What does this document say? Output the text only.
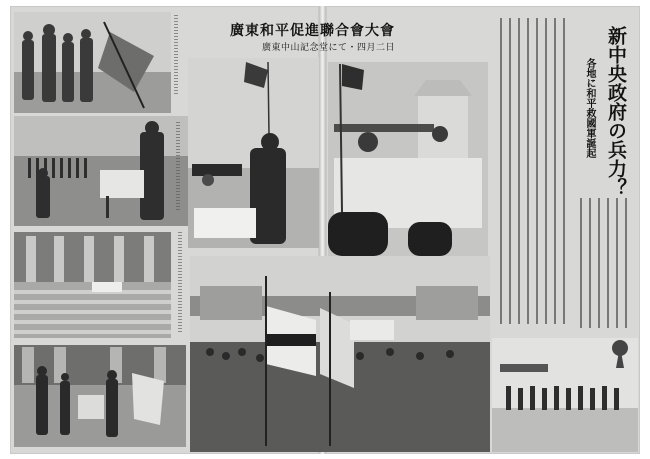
廣東和平促進聯合會大會
廣東中山記念堂にて・四月二日	新中央政府の兵力？
各地に和平救國軍誕起
